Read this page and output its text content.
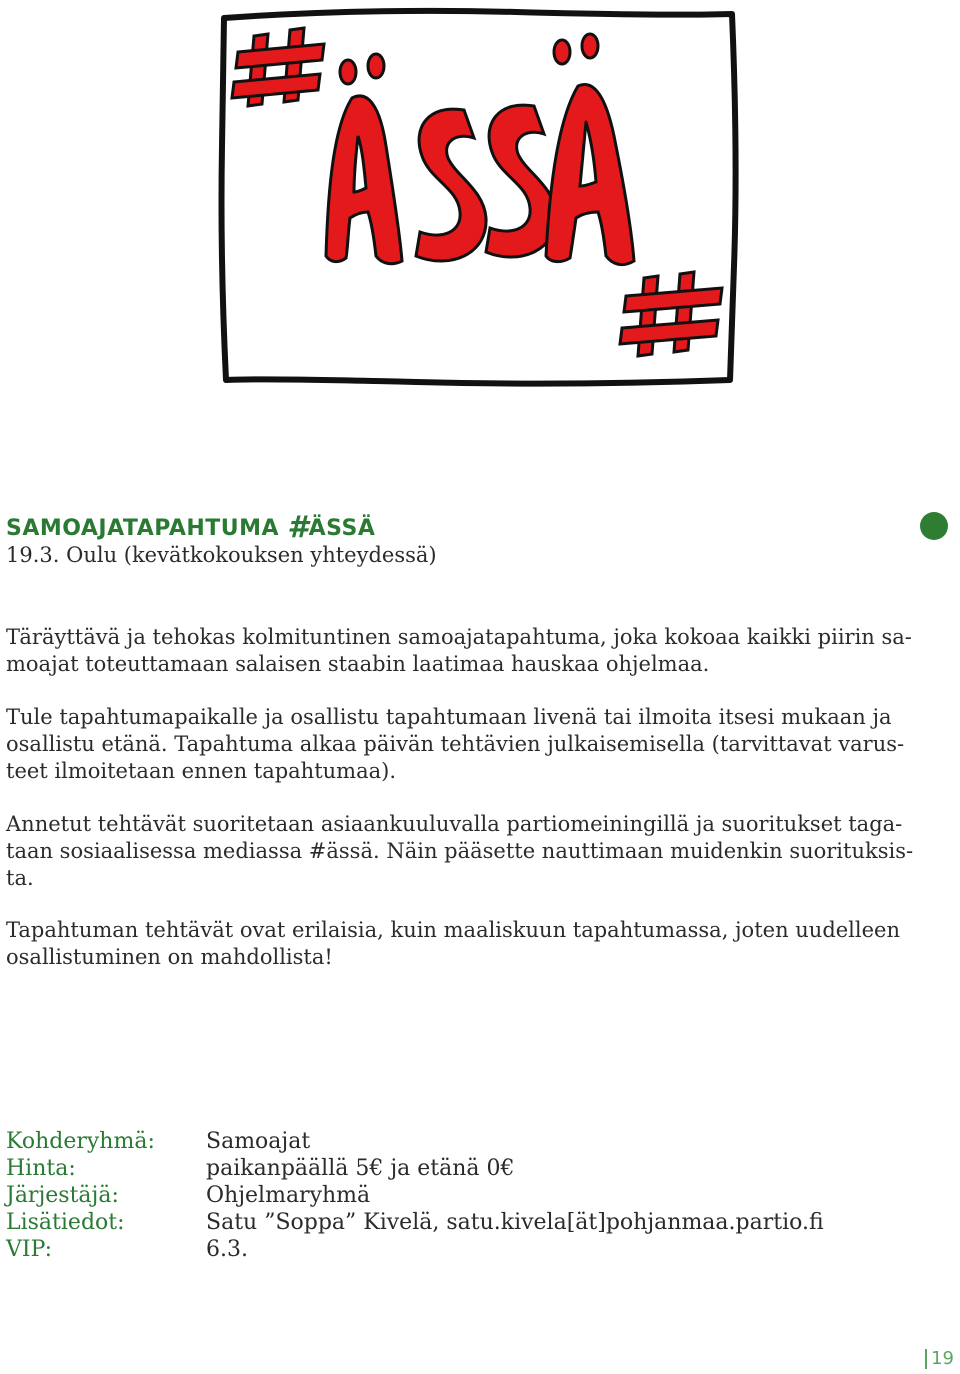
SAMOAJATAPAHTUMA #ÄSSÄ
19.3. Oulu (kevätkokouksen yhteydessä)

Täräyttävä ja tehokas kolmituntinen samoajatapahtuma, joka kokoaa kaikki piirin sa-
moajat toteuttamaan salaisen staabin laatimaa hauskaa ohjelmaa.

Tule tapahtumapaikalle ja osallistu tapahtumaan livenä tai ilmoita itsesi mukaan ja
osallistu etänä. Tapahtuma alkaa päivän tehtävien julkaisemisella (tarvittavat varus-
teet ilmoitetaan ennen tapahtumaa).

Annetut tehtävät suoritetaan asiaankuuluvalla partiomeiningillä ja suoritukset taga-
taan sosiaalisessa mediassa #ässä. Näin pääsette nauttimaan muidenkin suorituksis-
ta.

Tapahtuman tehtävät ovat erilaisia, kuin maaliskuun tapahtumassa, joten uudelleen
osallistuminen on mahdollista!

Kohderyhmä:	Samoajat
Hinta:	paikanpäällä 5€ ja etänä 0€
Järjestäjä:	Ohjelmaryhmä
Lisätiedot:	Satu ”Soppa” Kivelä, satu.kivela[ät]pohjanmaa.partio.fi
VIP:	6.3.
19
